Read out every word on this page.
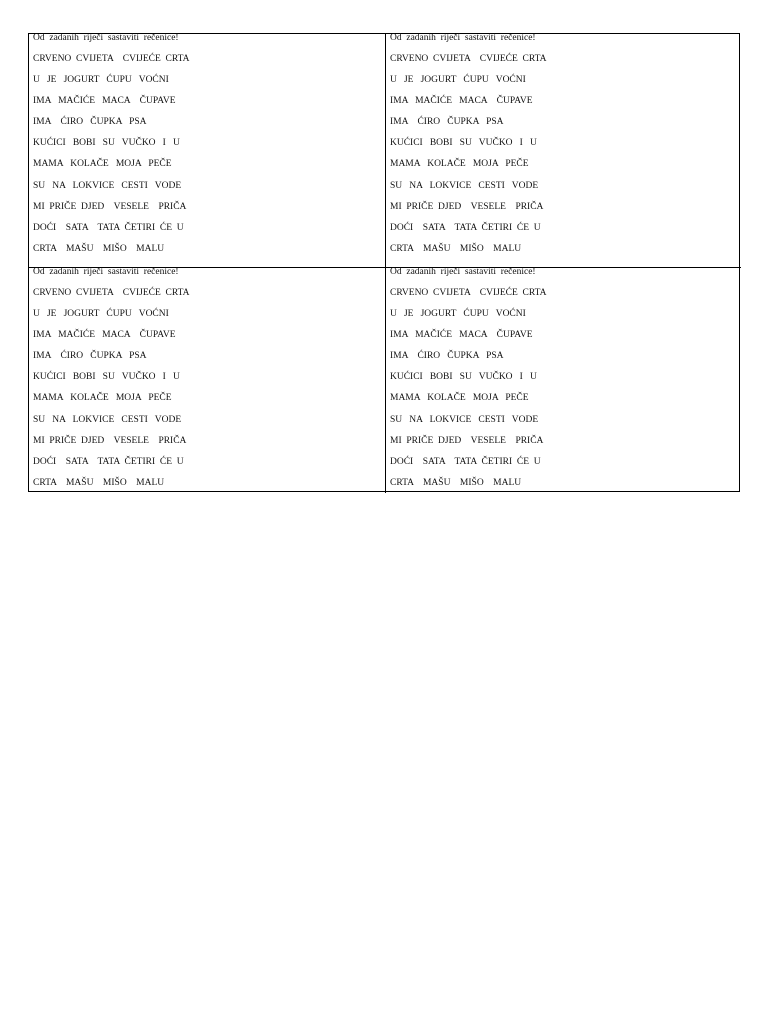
Od  zadanih  riječi  sastaviti  rečenice!

CRVENO  CVIJETA    CVIJEĆE  CRTA
U   JE   JOGURT   ĆUPU   VOĆNI
IMA   MAČIĆE   MACA    ČUPAVE
IMA    ĆIRO   ČUPKA   PSA
KUĆICI   BOBI   SU   VUČKO   I   U
MAMA   KOLAČE   MOJA   PEČE
SU   NA   LOKVICE   CESTI   VODE
MI  PRIČE  DJED    VESELE    PRIČA
DOĆI    SATA    TATA  ČETIRI  ĆE  U
CRTA    MAŠU    MIŠO    MALU

Od  zadanih  riječi  sastaviti  rečenice!

CRVENO  CVIJETA    CVIJEĆE  CRTA
U   JE   JOGURT   ĆUPU   VOĆNI
IMA   MAČIĆE   MACA    ČUPAVE
IMA    ĆIRO   ČUPKA   PSA
KUĆICI   BOBI   SU   VUČKO   I   U
MAMA   KOLAČE   MOJA   PEČE
SU   NA   LOKVICE   CESTI   VODE
MI  PRIČE  DJED    VESELE    PRIČA
DOĆI    SATA    TATA  ČETIRI  ĆE  U
CRTA    MAŠU    MIŠO    MALU

Od  zadanih  riječi  sastaviti  rečenice!

CRVENO  CVIJETA    CVIJEĆE  CRTA
U   JE   JOGURT   ĆUPU   VOĆNI
IMA   MAČIĆE   MACA    ČUPAVE
IMA    ĆIRO   ČUPKA   PSA
KUĆICI   BOBI   SU   VUČKO   I   U
MAMA   KOLAČE   MOJA   PEČE
SU   NA   LOKVICE   CESTI   VODE
MI  PRIČE  DJED    VESELE    PRIČA
DOĆI    SATA    TATA  ČETIRI  ĆE  U
CRTA    MAŠU    MIŠO    MALU

Od  zadanih  riječi  sastaviti  rečenice!

CRVENO  CVIJETA    CVIJEĆE  CRTA
U   JE   JOGURT   ĆUPU   VOĆNI
IMA   MAČIĆE   MACA    ČUPAVE
IMA    ĆIRO   ČUPKA   PSA
KUĆICI   BOBI   SU   VUČKO   I   U
MAMA   KOLAČE   MOJA   PEČE
SU   NA   LOKVICE   CESTI   VODE
MI  PRIČE  DJED    VESELE    PRIČA
DOĆI    SATA    TATA  ČETIRI  ĆE  U
CRTA    MAŠU    MIŠO    MALU
